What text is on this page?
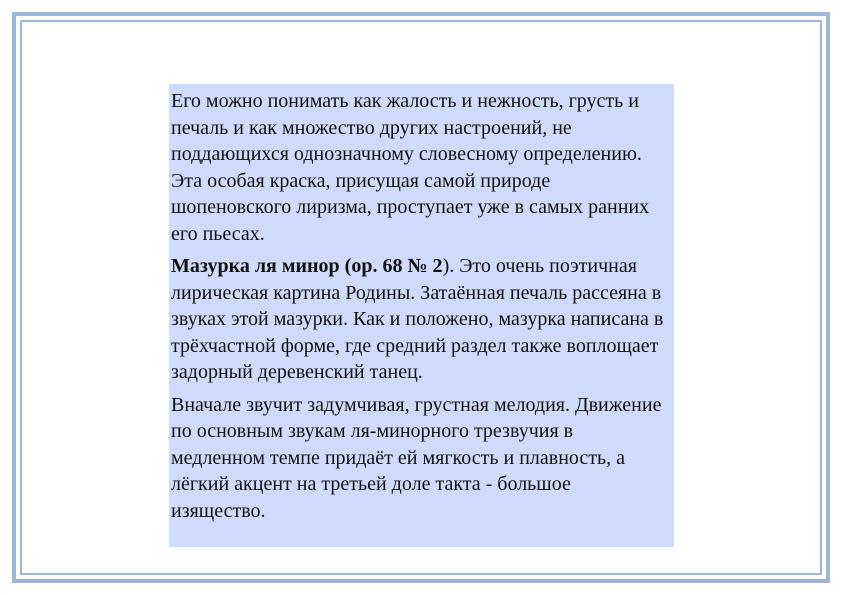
Его можно понимать как жалость и нежность, грусть и печаль и как множество других настроений, не поддающихся однозначному словесному определению. Эта особая краска, присущая самой природе шопеновского лиризма, проступает уже в самых ранних его пьесах.

Мазурка ля минор (ор. 68 № 2). Это очень поэтичная лирическая картина Родины. Затаённая печаль рассеяна в звуках этой мазурки. Как и положено, мазурка написана в трёхчастной форме, где средний раздел также воплощает задорный деревенский танец.

Вначале звучит задумчивая, грустная мелодия. Движение по основным звукам ля-минорного трезвучия в медленном темпе придаёт ей мягкость и плавность, а лёгкий акцент на третьей доле такта - большое изящество.
